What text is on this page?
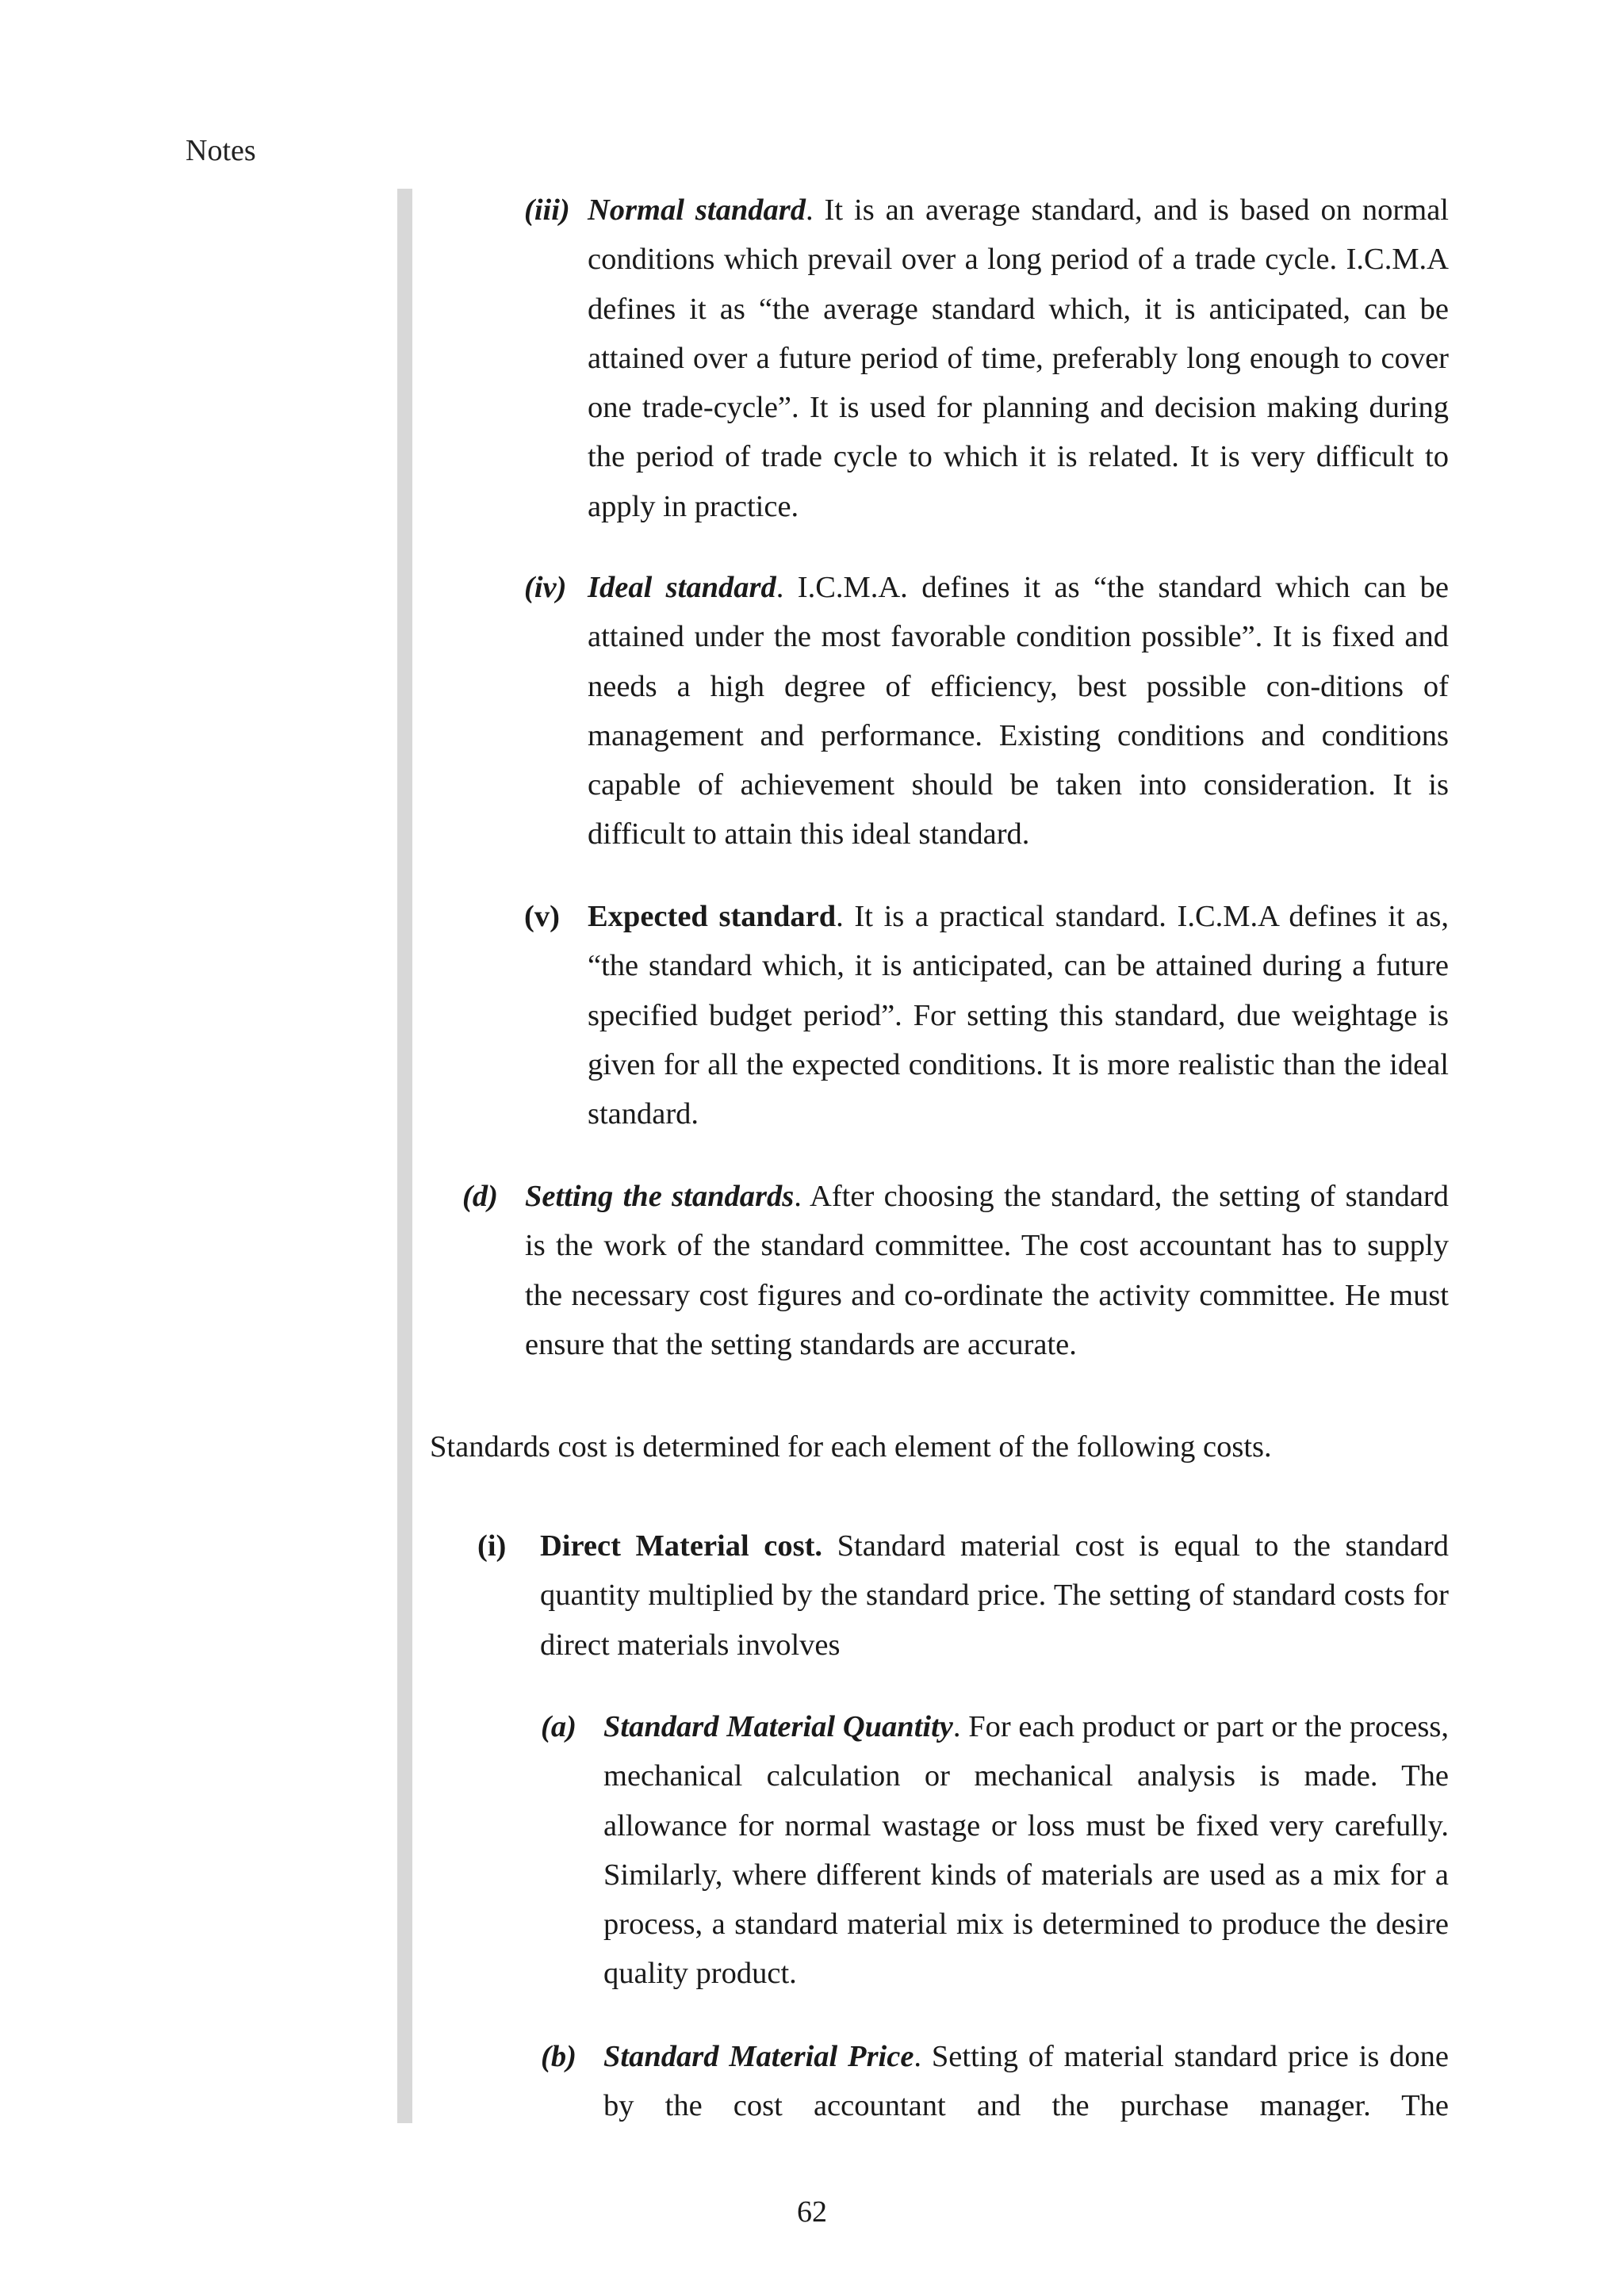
Notes
(iii) Normal standard. It is an average standard, and is based on normal conditions which prevail over a long period of a trade cycle. I.C.M.A defines it as “the average standard which, it is anticipated, can be attained over a future period of time, preferably long enough to cover one trade-cycle”. It is used for planning and decision making during the period of trade cycle to which it is related. It is very difficult to apply in practice.
(iv) Ideal standard. I.C.M.A. defines it as “the standard which can be attained under the most favorable condition possible”. It is fixed and needs a high degree of efficiency, best possible con-ditions of management and performance. Existing conditions and conditions capable of achievement should be taken into consideration. It is difficult to attain this ideal standard.
(v) Expected standard. It is a practical standard. I.C.M.A defines it as, “the standard which, it is anticipated, can be attained during a future specified budget period”. For setting this standard, due weightage is given for all the expected conditions. It is more realistic than the ideal standard.
(d) Setting the standards. After choosing the standard, the setting of standard is the work of the standard committee. The cost accountant has to supply the necessary cost figures and co-ordinate the activity committee. He must ensure that the setting standards are accurate.
Standards cost is determined for each element of the following costs.
(i) Direct Material cost. Standard material cost is equal to the standard quantity multiplied by the standard price. The setting of standard costs for direct materials involves
(a) Standard Material Quantity. For each product or part or the process, mechanical calculation or mechanical analysis is made. The allowance for normal wastage or loss must be fixed very carefully. Similarly, where different kinds of materials are used as a mix for a process, a standard material mix is determined to produce the desire quality product.
(b) Standard Material Price. Setting of material standard price is done by the cost accountant and the purchase manager. The
62
